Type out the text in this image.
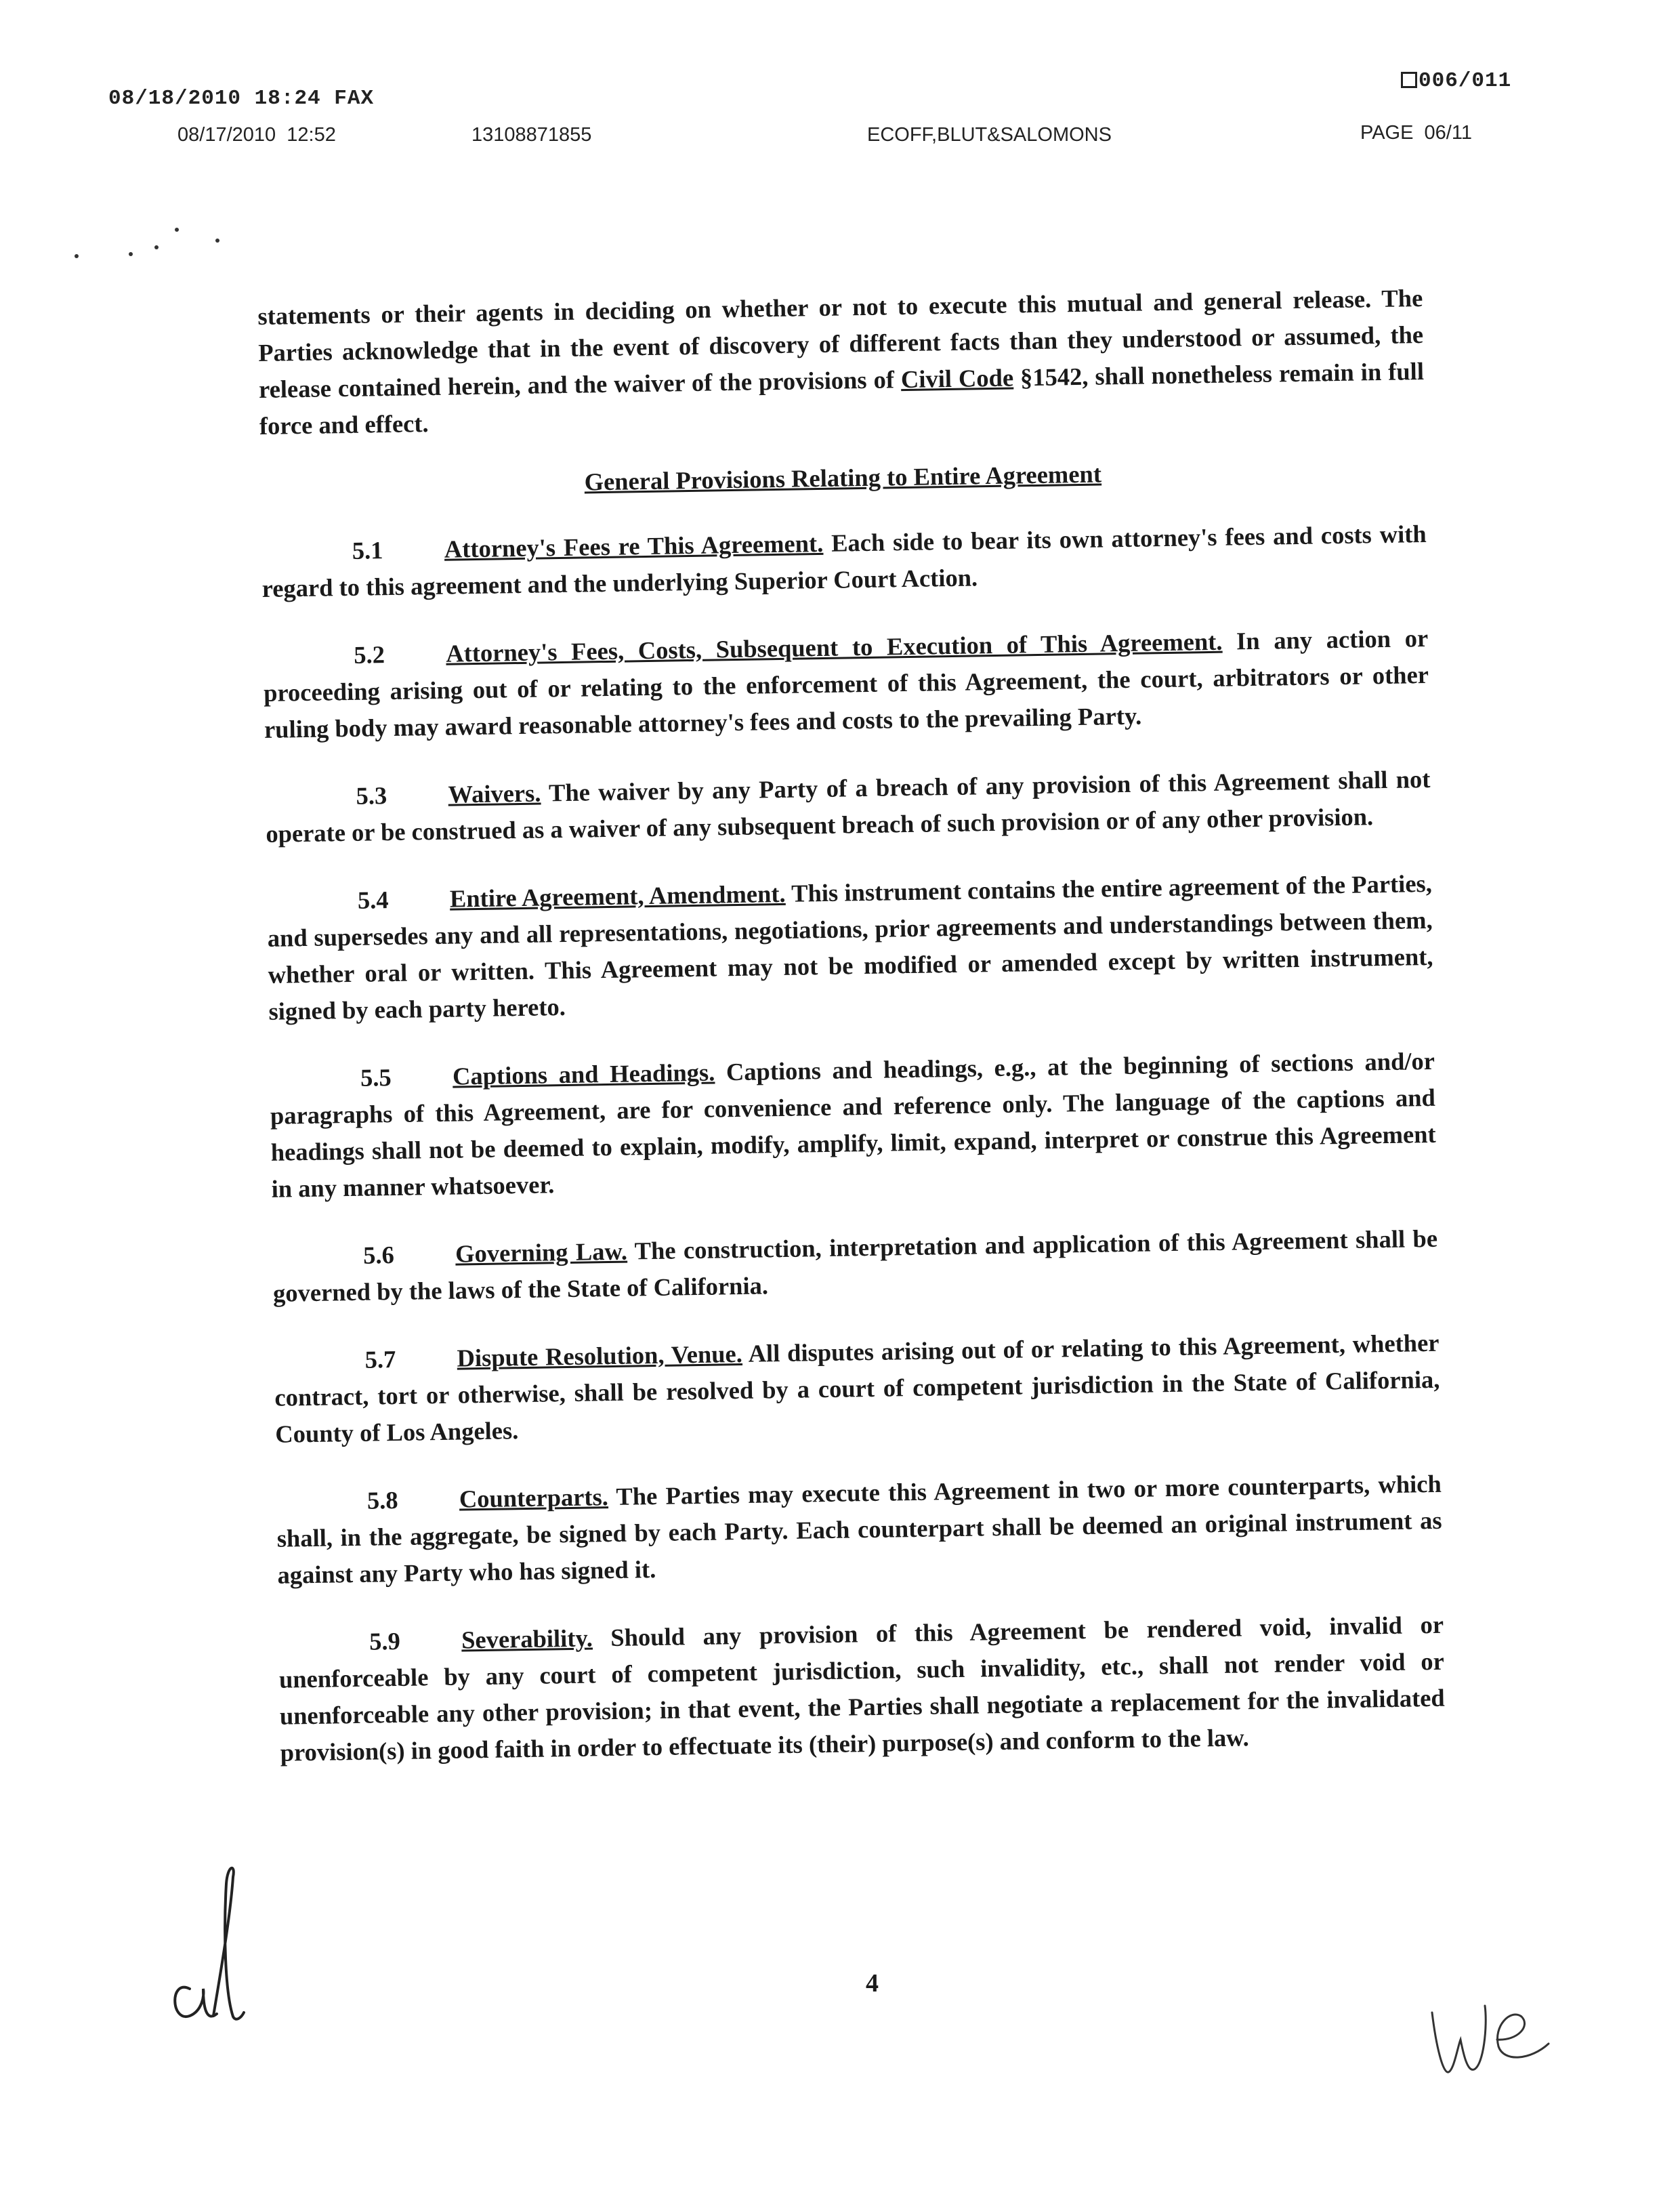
08/18/2010 18:24 FAX
006/011
08/17/2010  12:52	13108871855	ECOFF,BLUT&SALOMONS	PAGE  06/11

statements or their agents in deciding on whether or not to execute this mutual and general release. The Parties acknowledge that in the event of discovery of different facts than they understood or assumed, the release contained herein, and the waiver of the provisions of Civil Code §1542, shall nonetheless remain in full force and effect.

General Provisions Relating to Entire Agreement

5.1 Attorney's Fees re This Agreement. Each side to bear its own attorney's fees and costs with regard to this agreement and the underlying Superior Court Action.

5.2 Attorney's Fees, Costs, Subsequent to Execution of This Agreement. In any action or proceeding arising out of or relating to the enforcement of this Agreement, the court, arbitrators or other ruling body may award reasonable attorney's fees and costs to the prevailing Party.

5.3 Waivers. The waiver by any Party of a breach of any provision of this Agreement shall not operate or be construed as a waiver of any subsequent breach of such provision or of any other provision.

5.4 Entire Agreement, Amendment. This instrument contains the entire agreement of the Parties, and supersedes any and all representations, negotiations, prior agreements and understandings between them, whether oral or written. This Agreement may not be modified or amended except by written instrument, signed by each party hereto.

5.5 Captions and Headings. Captions and headings, e.g., at the beginning of sections and/or paragraphs of this Agreement, are for convenience and reference only. The language of the captions and headings shall not be deemed to explain, modify, amplify, limit, expand, interpret or construe this Agreement in any manner whatsoever.

5.6 Governing Law. The construction, interpretation and application of this Agreement shall be governed by the laws of the State of California.

5.7 Dispute Resolution, Venue. All disputes arising out of or relating to this Agreement, whether contract, tort or otherwise, shall be resolved by a court of competent jurisdiction in the State of California, County of Los Angeles.

5.8 Counterparts. The Parties may execute this Agreement in two or more counterparts, which shall, in the aggregate, be signed by each Party. Each counterpart shall be deemed an original instrument as against any Party who has signed it.

5.9 Severability. Should any provision of this Agreement be rendered void, invalid or unenforceable by any court of competent jurisdiction, such invalidity, etc., shall not render void or unenforceable any other provision; in that event, the Parties shall negotiate a replacement for the invalidated provision(s) in good faith in order to effectuate its (their) purpose(s) and conform to the law.

4
